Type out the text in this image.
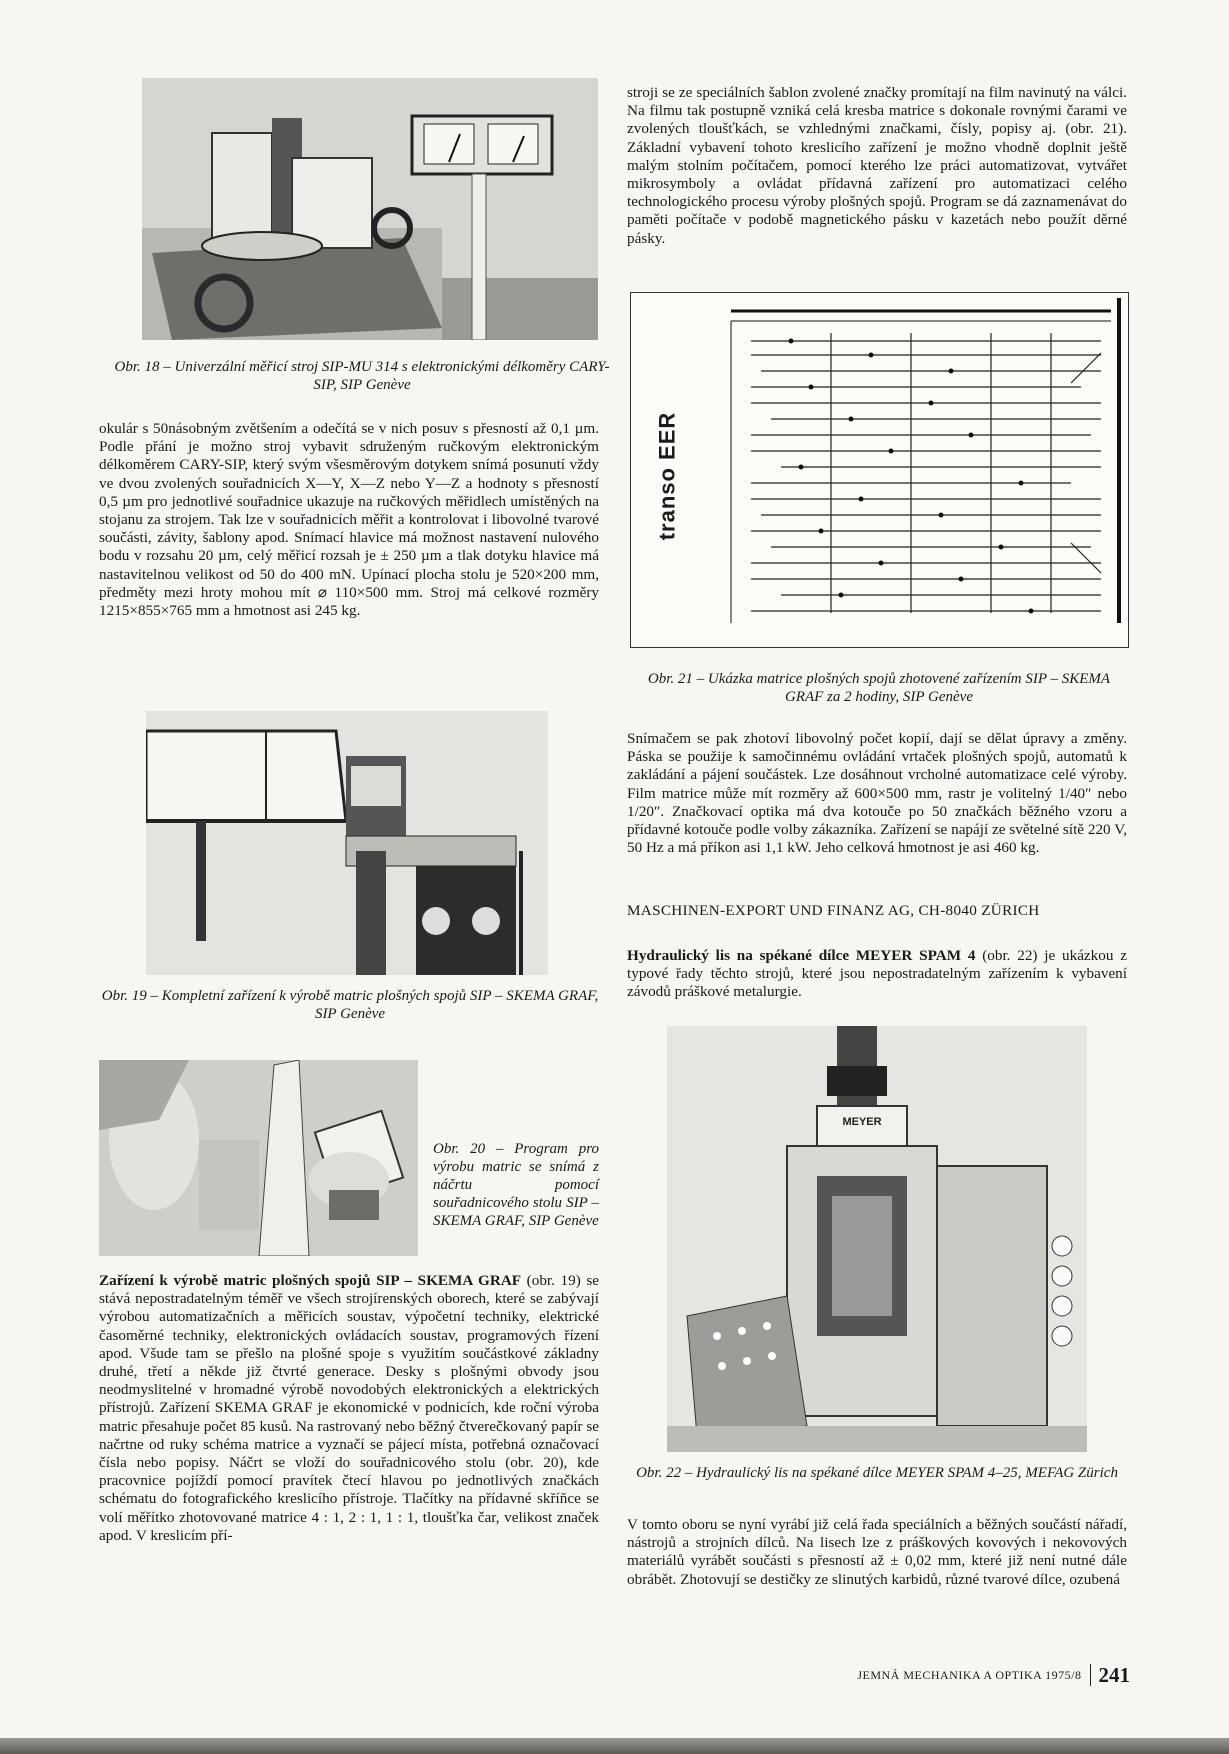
stroji se ze speciálních šablon zvolené značky promítají na film navinutý na válci. Na filmu tak postupně vzniká celá kresba matrice s dokonale rovnými čarami ve zvolených tloušťkách, se vzhlednými značkami, čísly, popisy aj. (obr. 21). Základní vybavení tohoto kreslicího zařízení je možno vhodně doplnit ještě malým stolním počítačem, pomocí kterého lze práci automatizovat, vytvářet mikrosymboly a ovládat přídavná zařízení pro automatizaci celého technologického procesu výroby plošných spojů. Program se dá zaznamenávat do paměti počítače v podobě magnetického pásku v kazetách nebo použít děrné pásky.
Obr. 18 – Univerzální měřicí stroj SIP-MU 314 s elektronickými délkoměry CARY-SIP, SIP Genève
okulár s 50násobným zvětšením a odečítá se v nich posuv s přesností až 0,1 µm. Podle přání je možno stroj vybavit sdruženým ručkovým elektronickým délkoměrem CARY-SIP, který svým všesměrovým dotykem snímá posunutí vždy ve dvou zvolených souřadnicích X—Y, X—Z nebo Y—Z a hodnoty s přesností 0,5 µm pro jednotlivé souřadnice ukazuje na ručkových měřidlech umístěných na stojanu za strojem. Tak lze v souřadnicích měřit a kontrolovat i libovolné tvarové součásti, závity, šablony apod. Snímací hlavice má možnost nastavení nulového bodu v rozsahu 20 µm, celý měřicí rozsah je ± 250 µm a tlak dotyku hlavice má nastavitelnou velikost od 50 do 400 mN. Upínací plocha stolu je 520×200 mm, předměty mezi hroty mohou mít ⌀ 110×500 mm. Stroj má celkové rozměry 1215×855×765 mm a hmotnost asi 245 kg.
transo EER
Obr. 21 – Ukázka matrice plošných spojů zhotovené zařízením SIP – SKEMA GRAF za 2 hodiny, SIP Genève
Snímačem se pak zhotoví libovolný počet kopií, dají se dělat úpravy a změny. Páska se použije k samočinnému ovládání vrtaček plošných spojů, automatů k zakládání a pájení součástek. Lze dosáhnout vrcholné automatizace celé výroby. Film matrice může mít rozměry až 600×500 mm, rastr je volitelný 1/40″ nebo 1/20″. Značkovací optika má dva kotouče po 50 značkách běžného vzoru a přídavné kotouče podle volby zákazníka. Zařízení se napájí ze světelné sítě 220 V, 50 Hz a má příkon asi 1,1 kW. Jeho celková hmotnost je asi 460 kg.
MASCHINEN-EXPORT UND FINANZ AG, CH-8040 ZÜRICH
Hydraulický lis na spékané dílce MEYER SPAM 4 (obr. 22) je ukázkou z typové řady těchto strojů, které jsou nepostradatelným zařízením k vybavení závodů práškové metalurgie.
Obr. 19 – Kompletní zařízení k výrobě matric plošných spojů SIP – SKEMA GRAF, SIP Genève
Obr. 20 – Program pro výrobu matric se snímá z náčrtu pomocí souřadnicového stolu SIP – SKEMA GRAF, SIP Genève
MEYER
Obr. 22 – Hydraulický lis na spékané dílce MEYER SPAM 4–25, MEFAG Zürich
Zařízení k výrobě matric plošných spojů SIP – SKEMA GRAF (obr. 19) se stává nepostradatelným téměř ve všech strojírenských oborech, které se zabývají výrobou automatizačních a měřicích soustav, výpočetní techniky, elektrické časoměrné techniky, elektronických ovládacích soustav, programových řízení apod. Všude tam se přešlo na plošné spoje s využitím součástkové základny druhé, třetí a někde již čtvrté generace. Desky s plošnými obvody jsou neodmyslitelné v hromadné výrobě novodobých elektronických a elektrických přístrojů. Zařízení SKEMA GRAF je ekonomické v podnicích, kde roční výroba matric přesahuje počet 85 kusů. Na rastrovaný nebo běžný čtverečkovaný papír se načrtne od ruky schéma matrice a vyznačí se pájecí místa, potřebná označovací čísla nebo popisy. Náčrt se vloží do souřadnicového stolu (obr. 20), kde pracovnice pojíždí pomocí pravítek čtecí hlavou po jednotlivých značkách schématu do fotografického kreslicího přístroje. Tlačítky na přídavné skříňce se volí měřítko zhotovované matrice 4 : 1, 2 : 1, 1 : 1, tloušťka čar, velikost značek apod. V kreslicím pří-
V tomto oboru se nyní vyrábí již celá řada speciálních a běžných součástí nářadí, nástrojů a strojních dílců. Na lisech lze z práškových kovových i nekovových materiálů vyrábět součásti s přesností až ± 0,02 mm, které již není nutné dále obrábět. Zhotovují se destičky ze slinutých karbidů, různé tvarové dílce, ozubená
JEMNÁ MECHANIKA A OPTIKA 1975/8 241
